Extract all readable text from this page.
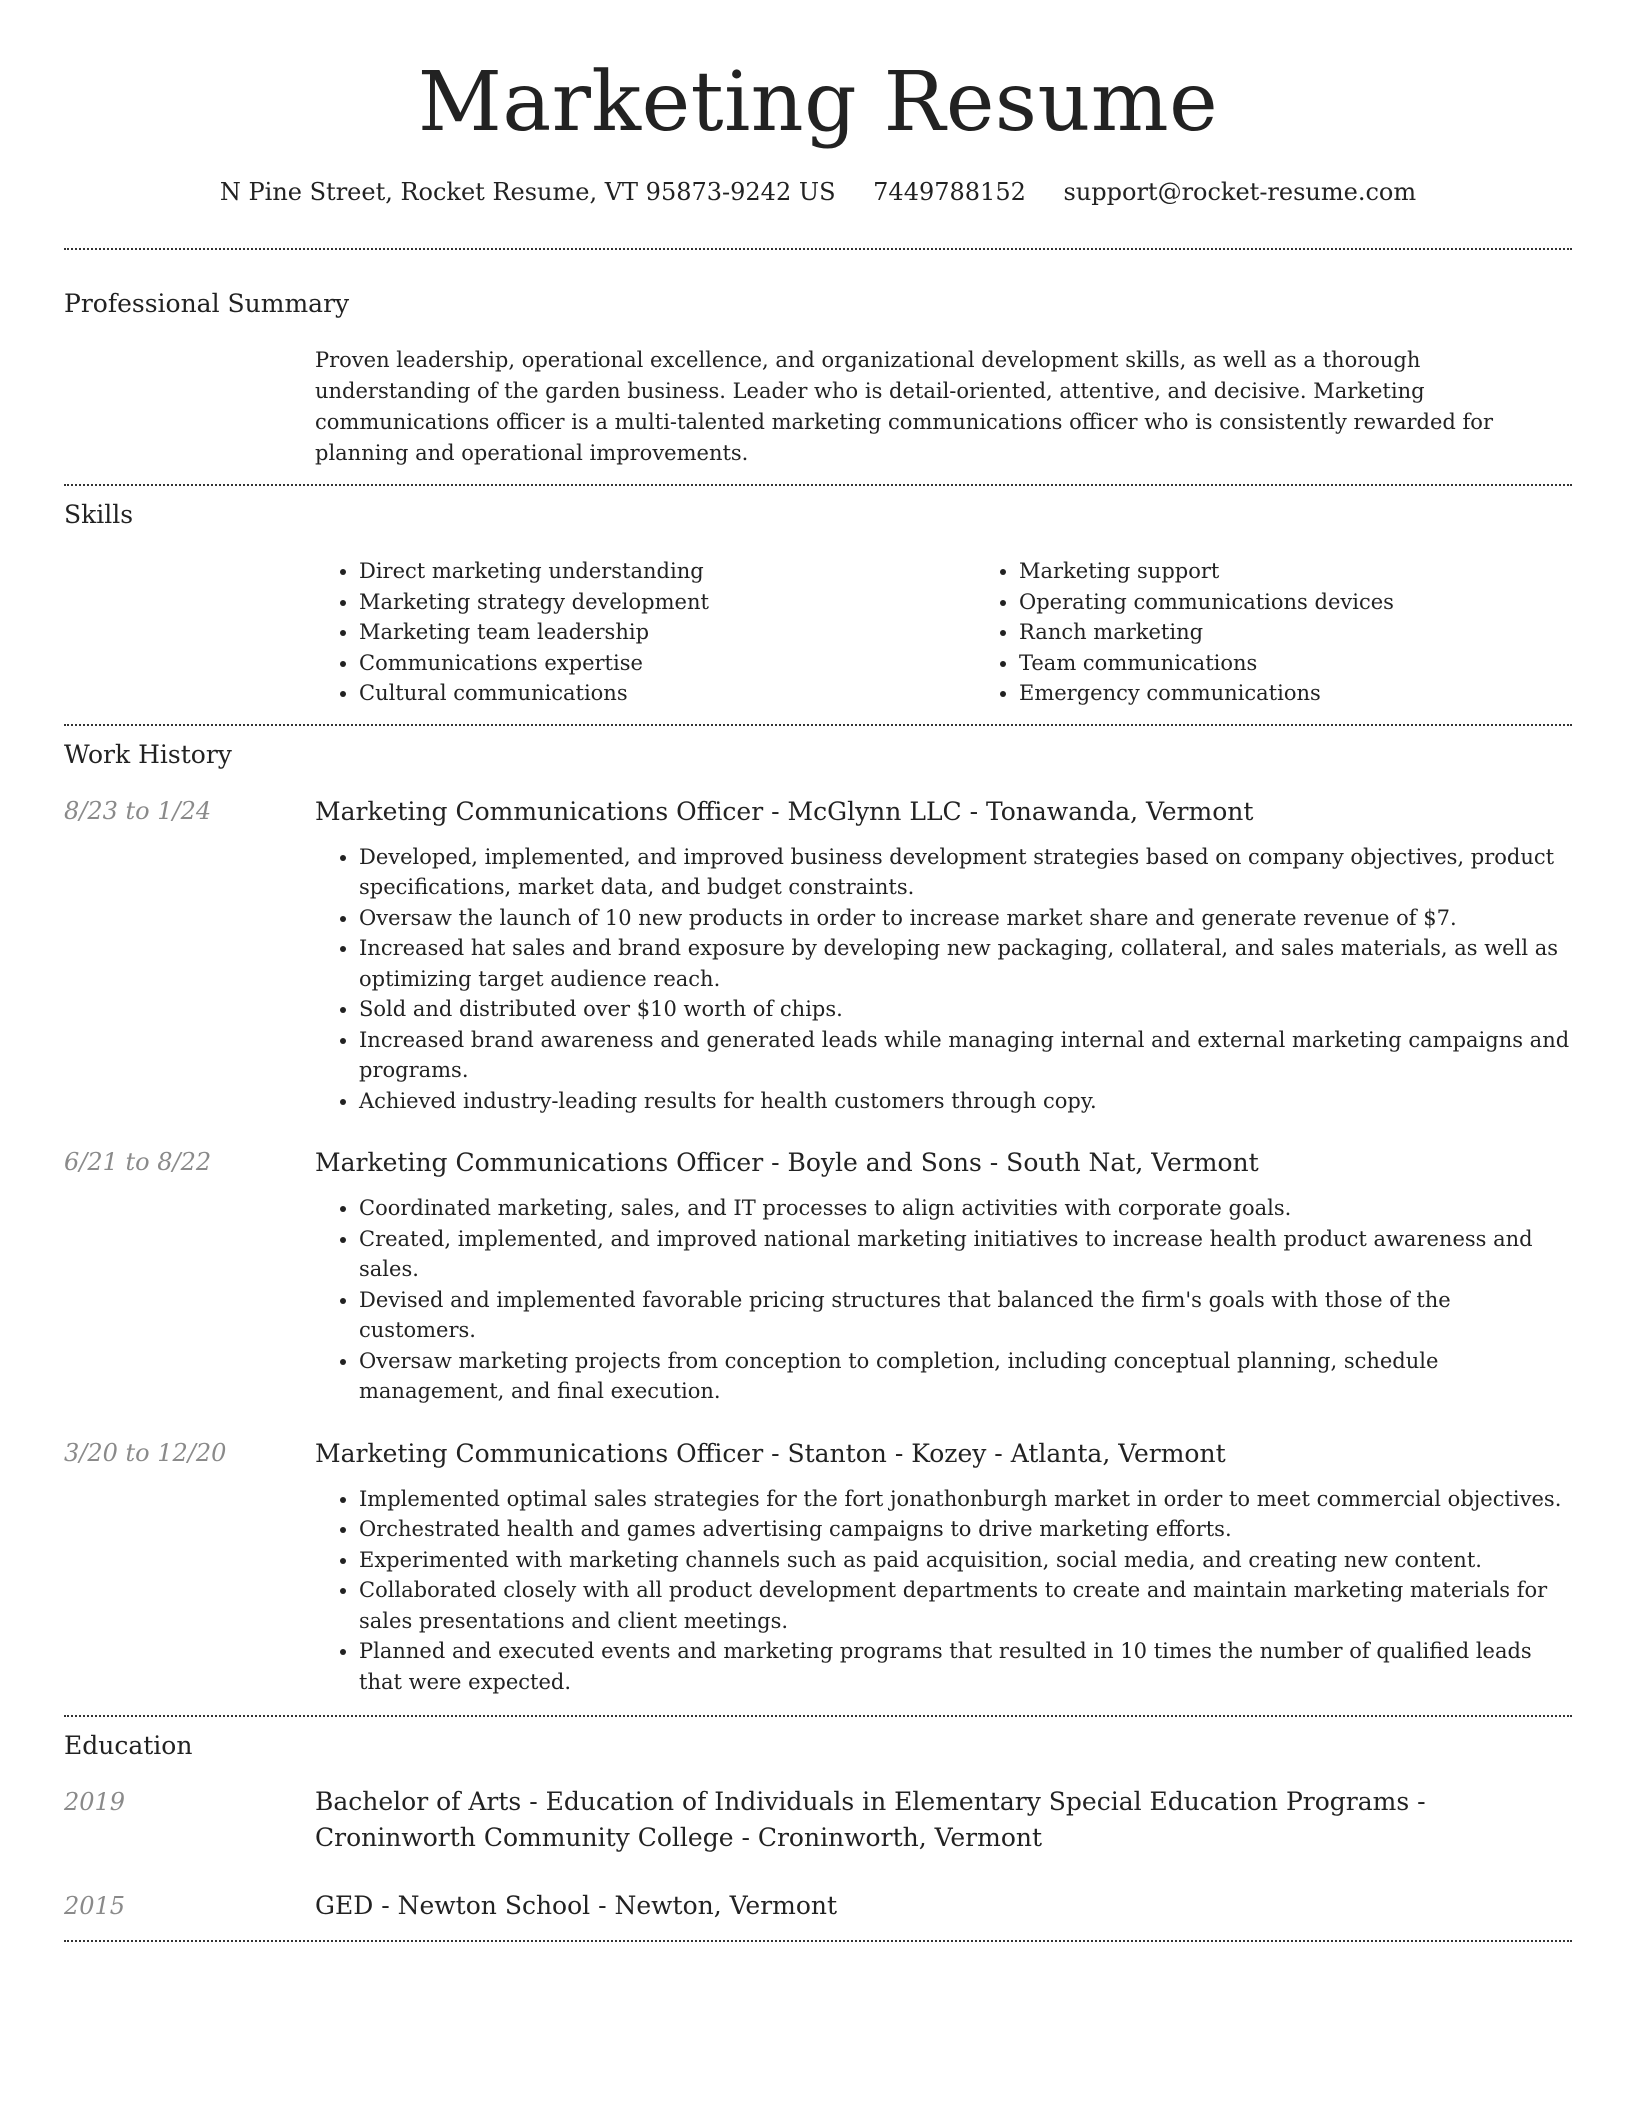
Marketing Resume
N Pine Street, Rocket Resume, VT 95873-9242 US 7449788152 support@rocket-resume.com
Professional Summary

Proven leadership, operational excellence, and organizational development skills, as well as a thorough understanding of the garden business. Leader who is detail-oriented, attentive, and decisive. Marketing communications officer is a multi-talented marketing communications officer who is consistently rewarded for planning and operational improvements.

Skills
• Direct marketing understanding
• Marketing strategy development
• Marketing team leadership
• Communications expertise
• Cultural communications
• Marketing support
• Operating communications devices
• Ranch marketing
• Team communications
• Emergency communications
Work History
8/23 to 1/24	Marketing Communications Officer - McGlynn LLC - Tonawanda, Vermont
• Developed, implemented, and improved business development strategies based on company objectives, product specifications, market data, and budget constraints.
• Oversaw the launch of 10 new products in order to increase market share and generate revenue of $7.
• Increased hat sales and brand exposure by developing new packaging, collateral, and sales materials, as well as optimizing target audience reach.
• Sold and distributed over $10 worth of chips.
• Increased brand awareness and generated leads while managing internal and external marketing campaigns and programs.
• Achieved industry-leading results for health customers through copy.
6/21 to 8/22	Marketing Communications Officer - Boyle and Sons - South Nat, Vermont
• Coordinated marketing, sales, and IT processes to align activities with corporate goals.
• Created, implemented, and improved national marketing initiatives to increase health product awareness and sales.
• Devised and implemented favorable pricing structures that balanced the firm's goals with those of the customers.
• Oversaw marketing projects from conception to completion, including conceptual planning, schedule management, and final execution.
3/20 to 12/20	Marketing Communications Officer - Stanton - Kozey - Atlanta, Vermont
• Implemented optimal sales strategies for the fort jonathonburgh market in order to meet commercial objectives.
• Orchestrated health and games advertising campaigns to drive marketing efforts.
• Experimented with marketing channels such as paid acquisition, social media, and creating new content.
• Collaborated closely with all product development departments to create and maintain marketing materials for sales presentations and client meetings.
• Planned and executed events and marketing programs that resulted in 10 times the number of qualified leads that were expected.
Education
2019	Bachelor of Arts - Education of Individuals in Elementary Special Education Programs - Croninworth Community College - Croninworth, Vermont
2015	GED - Newton School - Newton, Vermont
